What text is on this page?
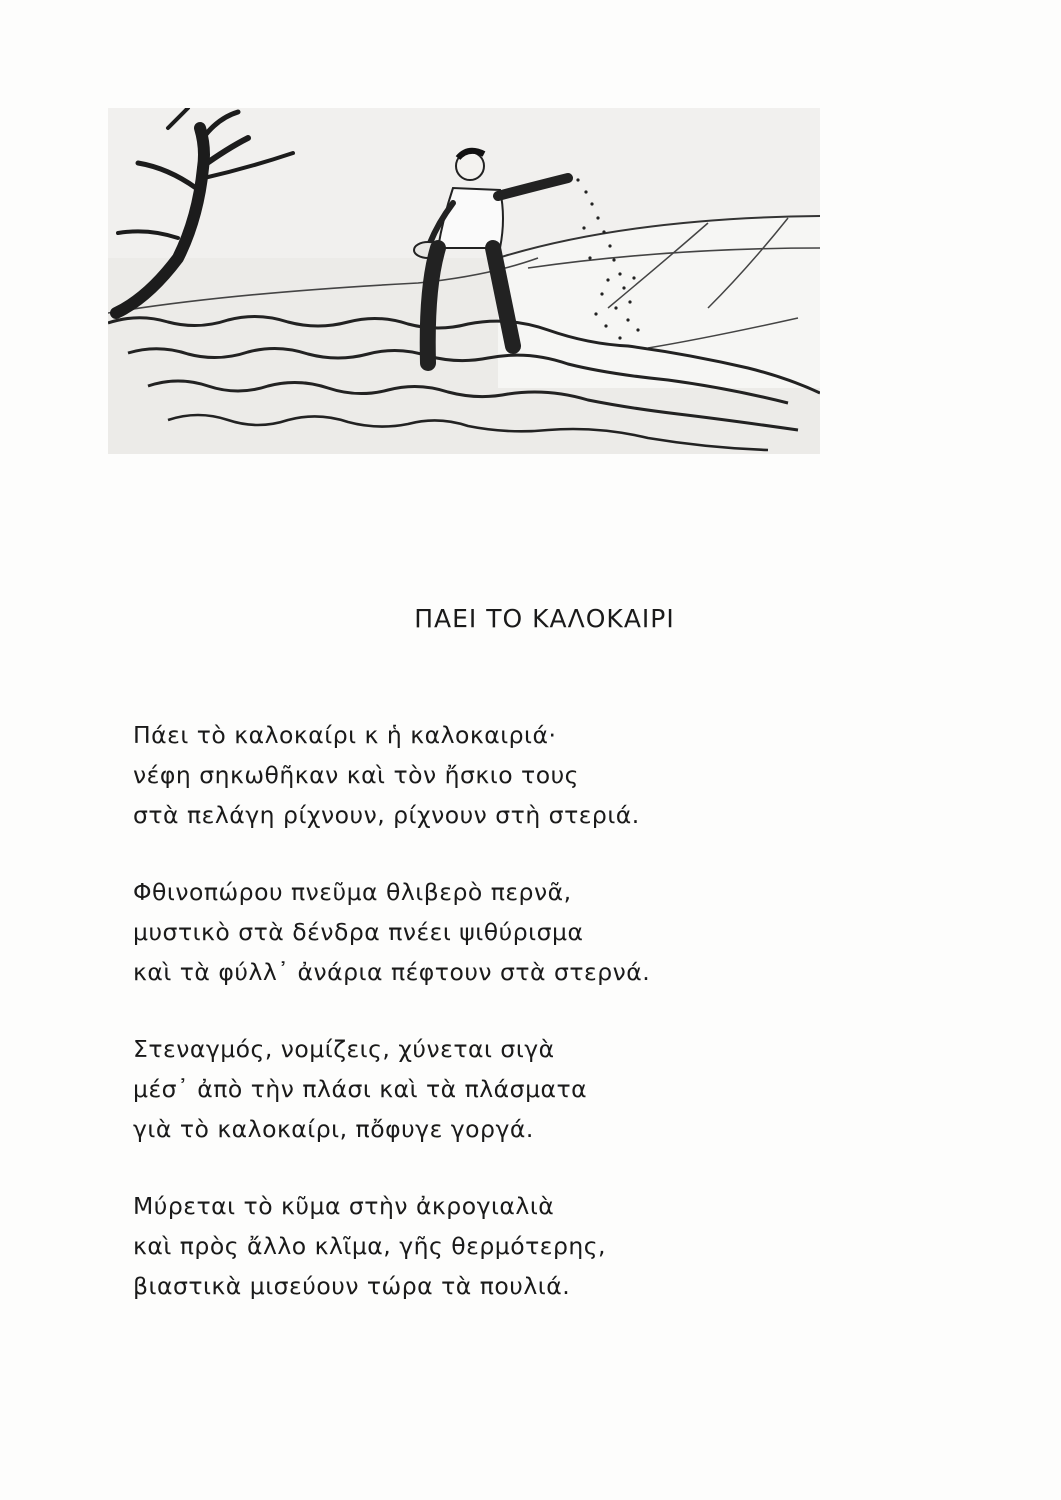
ΠΑΕΙ ΤΟ ΚΑΛΟΚΑΙΡΙ
Πάει τὸ καλοκαίρι κ ἡ καλοκαιριά·
νέφη σηκωθῆκαν καὶ τὸν ἤσκιο τους
στὰ πελάγη ρίχνουν, ρίχνουν στὴ στεριά.
Φθινοπώρου πνεῦμα θλιβερὸ περνᾶ,
μυστικὸ στὰ δένδρα πνέει ψιθύρισμα
καὶ τὰ φύλλ᾽ ἀνάρια πέφτουν στὰ στερνά.
Στεναγμός, νομίζεις, χύνεται σιγὰ
μέσ᾽ ἀπὸ τὴν πλάσι καὶ τὰ πλάσματα
γιὰ τὸ καλοκαίρι, πὄφυγε γοργά.
Μύρεται τὸ κῦμα στὴν ἀκρογιαλιὰ
καὶ πρὸς ἄλλο κλῖμα, γῆς θερμότερης,
βιαστικὰ μισεύουν τώρα τὰ πουλιά.
